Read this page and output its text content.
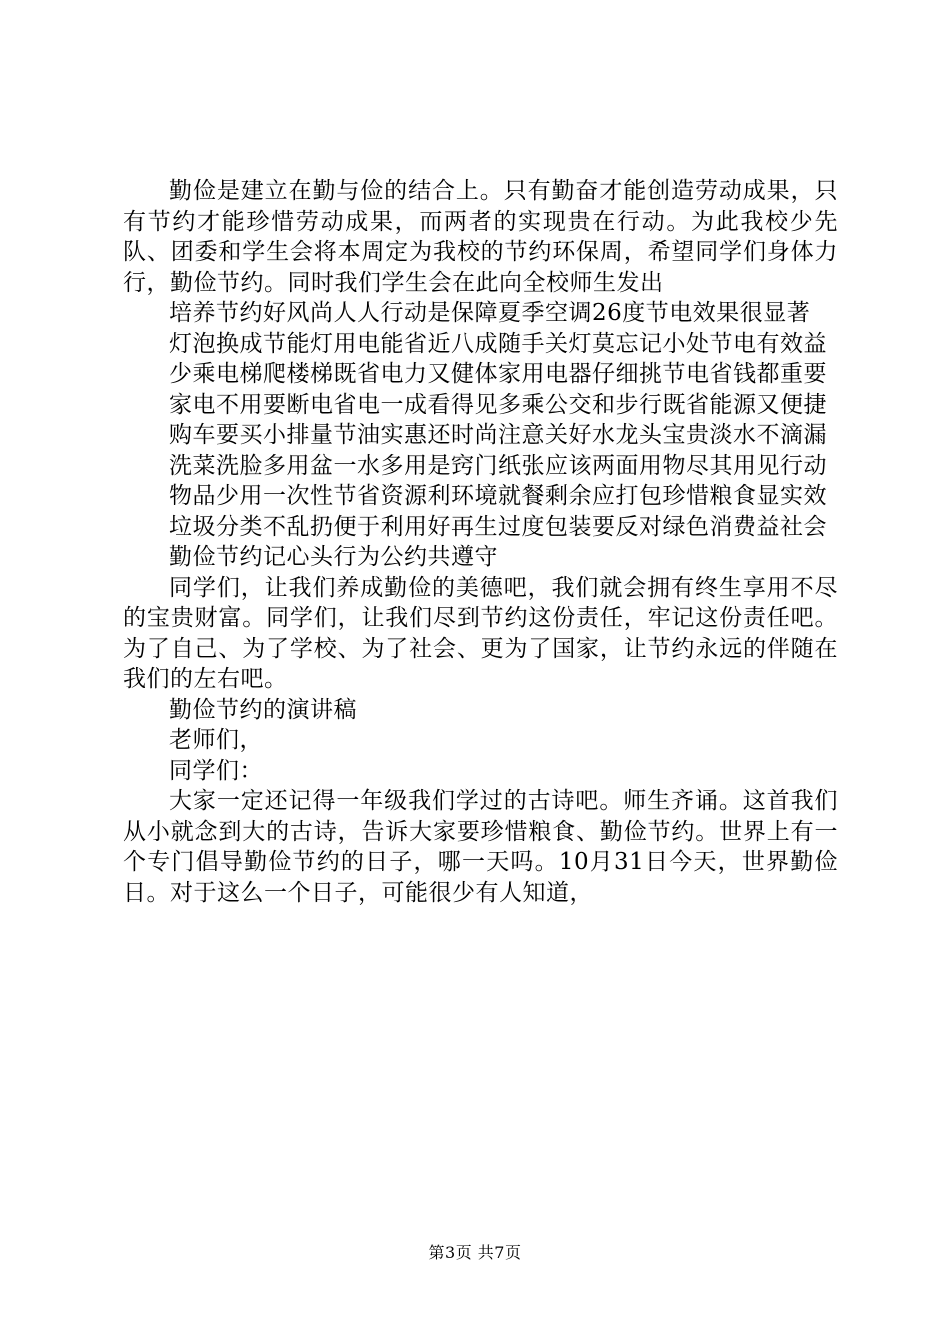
勤俭是建立在勤与俭的结合上。只有勤奋才能创造劳动成果，只有节约才能珍惜劳动成果，而两者的实现贵在行动。为此我校少先队、团委和学生会将本周定为我校的节约环保周，希望同学们身体力行，勤俭节约。同时我们学生会在此向全校师生发出

培养节约好风尚人人行动是保障夏季空调26度节电效果很显著

灯泡换成节能灯用电能省近八成随手关灯莫忘记小处节电有效益

少乘电梯爬楼梯既省电力又健体家用电器仔细挑节电省钱都重要

家电不用要断电省电一成看得见多乘公交和步行既省能源又便捷

购车要买小排量节油实惠还时尚注意关好水龙头宝贵淡水不滴漏

洗菜洗脸多用盆一水多用是窍门纸张应该两面用物尽其用见行动

物品少用一次性节省资源利环境就餐剩余应打包珍惜粮食显实效

垃圾分类不乱扔便于利用好再生过度包装要反对绿色消费益社会

勤俭节约记心头行为公约共遵守

同学们，让我们养成勤俭的美德吧，我们就会拥有终生享用不尽的宝贵财富。同学们，让我们尽到节约这份责任，牢记这份责任吧。为了自己、为了学校、为了社会、更为了国家，让节约永远的伴随在我们的左右吧。

勤俭节约的演讲稿

老师们，

同学们：

大家一定还记得一年级我们学过的古诗吧。师生齐诵。这首我们从小就念到大的古诗，告诉大家要珍惜粮食、勤俭节约。世界上有一个专门倡导勤俭节约的日子，哪一天吗。10月31日今天，世界勤俭日。对于这么一个日子，可能很少有人知道，

第3页 共7页
